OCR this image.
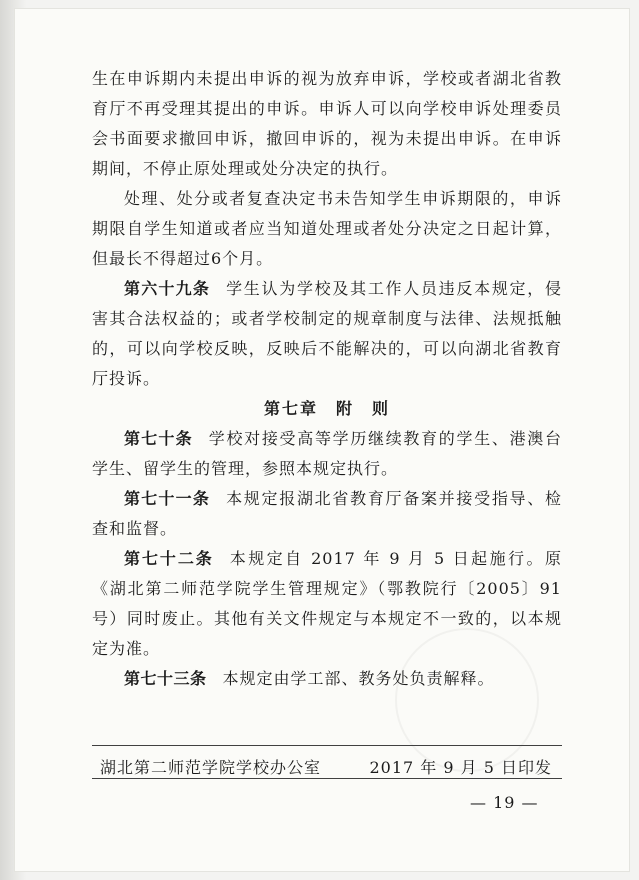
生在申诉期内未提出申诉的视为放弃申诉，学校或者湖北省教育厅不再受理其提出的申诉。申诉人可以向学校申诉处理委员会书面要求撤回申诉，撤回申诉的，视为未提出申诉。在申诉期间，不停止原处理或处分决定的执行。

处理、处分或者复查决定书未告知学生申诉期限的，申诉期限自学生知道或者应当知道处理或者处分决定之日起计算，但最长不得超过6个月。

第六十九条 学生认为学校及其工作人员违反本规定，侵害其合法权益的；或者学校制定的规章制度与法律、法规抵触的，可以向学校反映，反映后不能解决的，可以向湖北省教育厅投诉。

第七章　附　则

第七十条 学校对接受高等学历继续教育的学生、港澳台学生、留学生的管理，参照本规定执行。

第七十一条 本规定报湖北省教育厅备案并接受指导、检查和监督。

第七十二条 本规定自 2017 年 9 月 5 日起施行。原《湖北第二师范学院学生管理规定》（鄂教院行〔2005〕91 号）同时废止。其他有关文件规定与本规定不一致的，以本规定为准。

第七十三条 本规定由学工部、教务处负责解释。

湖北第二师范学院学校办公室	2017 年 9 月 5 日印发
— 19 —
